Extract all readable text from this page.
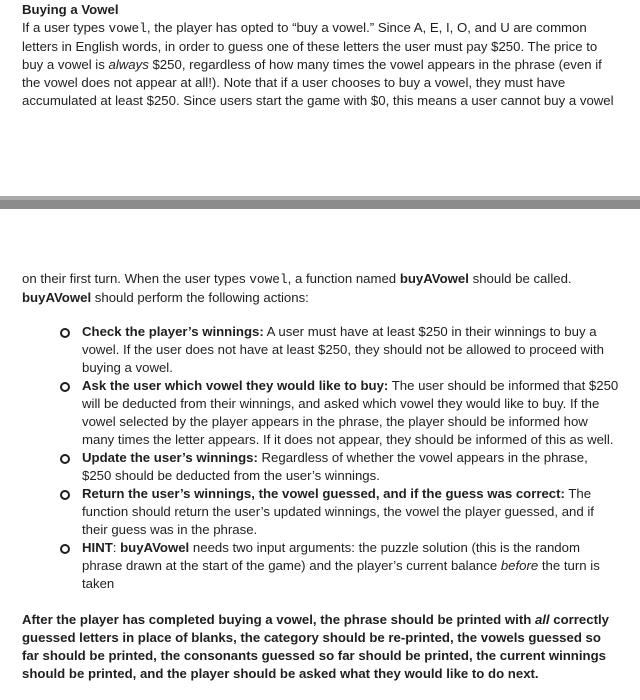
Buying a Vowel

If a user types vowel, the player has opted to “buy a vowel.” Since A, E, I, O, and U are common letters in English words, in order to guess one of these letters the user must pay $250. The price to buy a vowel is always $250, regardless of how many times the vowel appears in the phrase (even if the vowel does not appear at all!). Note that if a user chooses to buy a vowel, they must have accumulated at least $250. Since users start the game with $0, this means a user cannot buy a vowel

on their first turn. When the user types vowel, a function named buyAVowel should be called.
buyAVowel should perform the following actions:

Check the player’s winnings: A user must have at least $250 in their winnings to buy a vowel. If the user does not have at least $250, they should not be allowed to proceed with buying a vowel.
Ask the user which vowel they would like to buy: The user should be informed that $250 will be deducted from their winnings, and asked which vowel they would like to buy. If the vowel selected by the player appears in the phrase, the player should be informed how many times the letter appears. If it does not appear, they should be informed of this as well.
Update the user’s winnings: Regardless of whether the vowel appears in the phrase, $250 should be deducted from the user’s winnings.
Return the user’s winnings, the vowel guessed, and if the guess was correct: The function should return the user’s updated winnings, the vowel the player guessed, and if their guess was in the phrase.
HINT: buyAVowel needs two input arguments: the puzzle solution (this is the random phrase drawn at the start of the game) and the player’s current balance before the turn is taken

After the player has completed buying a vowel, the phrase should be printed with all correctly guessed letters in place of blanks, the category should be re-printed, the vowels guessed so far should be printed, the consonants guessed so far should be printed, the current winnings should be printed, and the player should be asked what they would like to do next.
